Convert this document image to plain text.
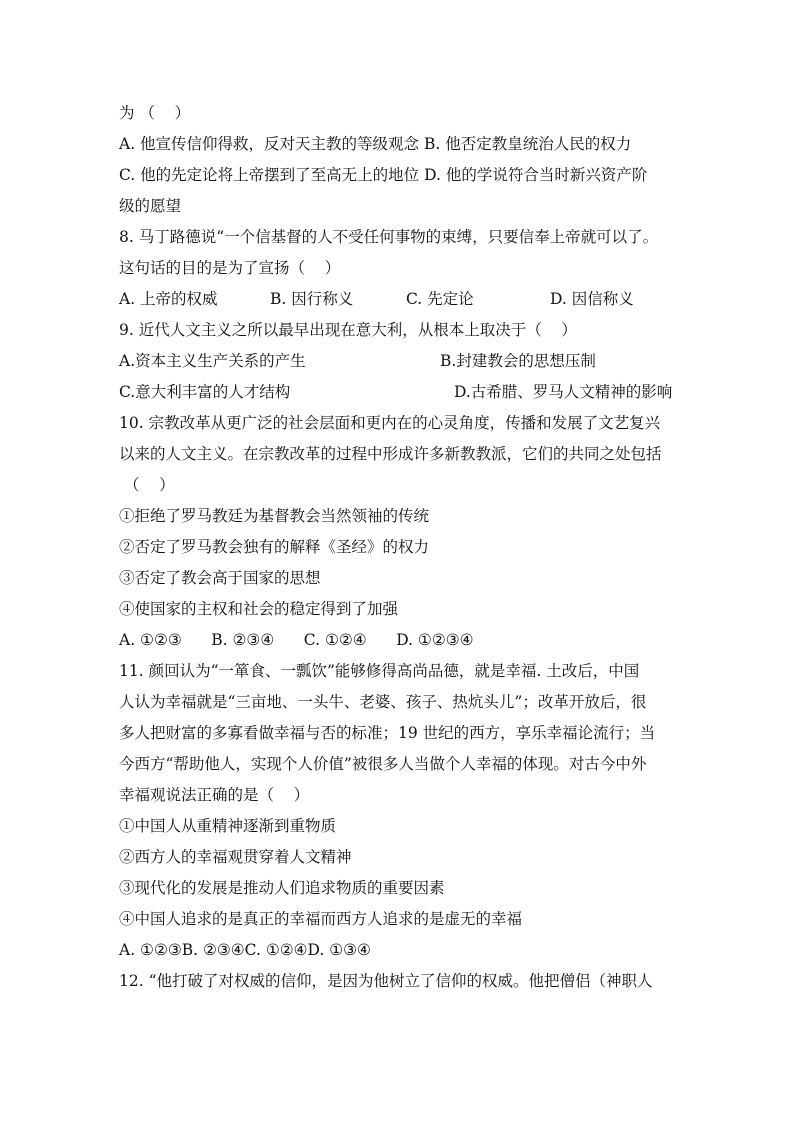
为 （    ）
A. 他宣传信仰得救，反对天主教的等级观念 B. 他否定教皇统治人民的权力
C. 他的先定论将上帝摆到了至高无上的地位 D. 他的学说符合当时新兴资产阶
级的愿望
8. 马丁路德说“一个信基督的人不受任何事物的束缚，只要信奉上帝就可以了。
这句话的目的是为了宣扬（    ）
A. 上帝的权威	B. 因行称义	C. 先定论	D. 因信称义
9. 近代人文主义之所以最早出现在意大利，从根本上取决于（    ）
A.资本主义生产关系的产生	B.封建教会的思想压制
C.意大利丰富的人才结构	D.古希腊、罗马人文精神的影响
10. 宗教改革从更广泛的社会层面和更内在的心灵角度，传播和发展了文艺复兴
以来的人文主义。在宗教改革的过程中形成许多新教教派，它们的共同之处包括
（    ）
①拒绝了罗马教廷为基督教会当然领袖的传统
②否定了罗马教会独有的解释《圣经》的权力
③否定了教会高于国家的思想
④使国家的主权和社会的稳定得到了加强
A. ①②③      B. ②③④      C. ①②④      D. ①②③④
11. 颜回认为“一箪食、一瓢饮”能够修得高尚品德，就是幸福. 土改后，中国
人认为幸福就是“三亩地、一头牛、老婆、孩子、热炕头儿”；改革开放后，很
多人把财富的多寡看做幸福与否的标准；19 世纪的西方，享乐幸福论流行；当
今西方“帮助他人，实现个人价值”被很多人当做个人幸福的体现。对古今中外
幸福观说法正确的是（    ）
①中国人从重精神逐渐到重物质
②西方人的幸福观贯穿着人文精神
③现代化的发展是推动人们追求物质的重要因素
④中国人追求的是真正的幸福而西方人追求的是虚无的幸福
A. ①②③B. ②③④C. ①②④D. ①③④
12. “他打破了对权威的信仰，是因为他树立了信仰的权威。他把僧侣（神职人
